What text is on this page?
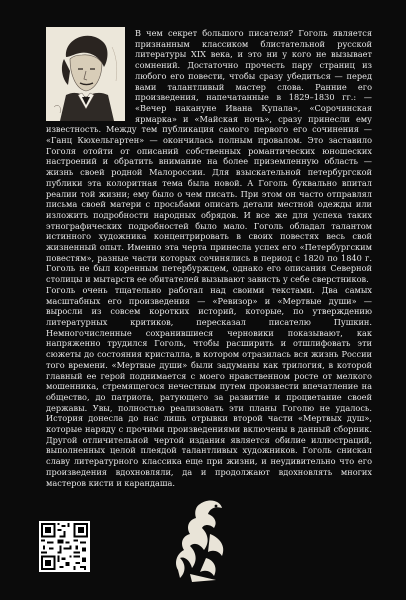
В чем секрет большого писателя? Гоголь является признанным классиком блистательной русской литературы XIX века, и это ни у кого не вызывает сомнений. Достаточно прочесть пару страниц из любого его повести, чтобы сразу убедиться — перед вами талантливый мастер слова. Ранние его произведения, напечатанные в 1829–1830 гг.: — «Вечер накануне Ивана Купала», «Сорочинская ярмарка» и «Майская ночь», сразу принесли ему известность. Между тем публикация самого первого его сочинения — «Ганц Кюхельгартен» — окончилась полным провалом. Это заставило Гоголя отойти от описаний собственных романтических юношеских настроений и обратить внимание на более приземленную область — жизнь своей родной Малороссии. Для взыскательной петербургской публики эта колоритная тема была новой. А Гоголь буквально впитал реалии той жизни; ему было о чем писать. При этом он часто отправлял письма своей матери с просьбами описать детали местной одежды или изложить подробности народных обрядов. И все же для успеха таких этнографических подробностей было мало. Гоголь обладал талантом истинного художника концентрировать в своих повестях весь свой жизненный опыт. Именно эта черта принесла успех его «Петербургским повестям», разные части которых сочинялись в период с 1820 по 1840 г. Гоголь не был коренным петербуржцем, однако его описания Северной столицы и мытарств ее обитателей вызывают зависть у себе сверстников.

Гоголь очень тщательно работал над своими текстами. Два самых масштабных его произведения — «Ревизор» и «Мертвые души» — выросли из совсем коротких историй, которые, по утверждению литературных критиков, пересказал писателю Пушкин. Немногочисленные сохранившиеся черновики показывают, как напряженно трудился Гоголь, чтобы расширить и отшлифовать эти сюжеты до состояния кристалла, в котором отразилась вся жизнь России того времени. «Мертвые души» были задуманы как трилогия, в которой главный ее герой поднимается с моего нравственном росте от мелкого мошенника, стремящегося нечестным путем произвести впечатление на общество, до патриота, ратующего за развитие и процветание своей державы. Увы, полностью реализовать эти планы Гоголю не удалось. История донесла до нас лишь отрывки второй части «Мертвых душ», которые наряду с прочими произведениями включены в данный сборник. Другой отличительной чертой издания является обилие иллюстраций, выполненных целой плеядой талантливых художников. Гоголь снискал славу литературного классика еще при жизни, и неудивительно что его произведения вдохновляли, да и продолжают вдохновлять многих мастеров кисти и карандаша.
